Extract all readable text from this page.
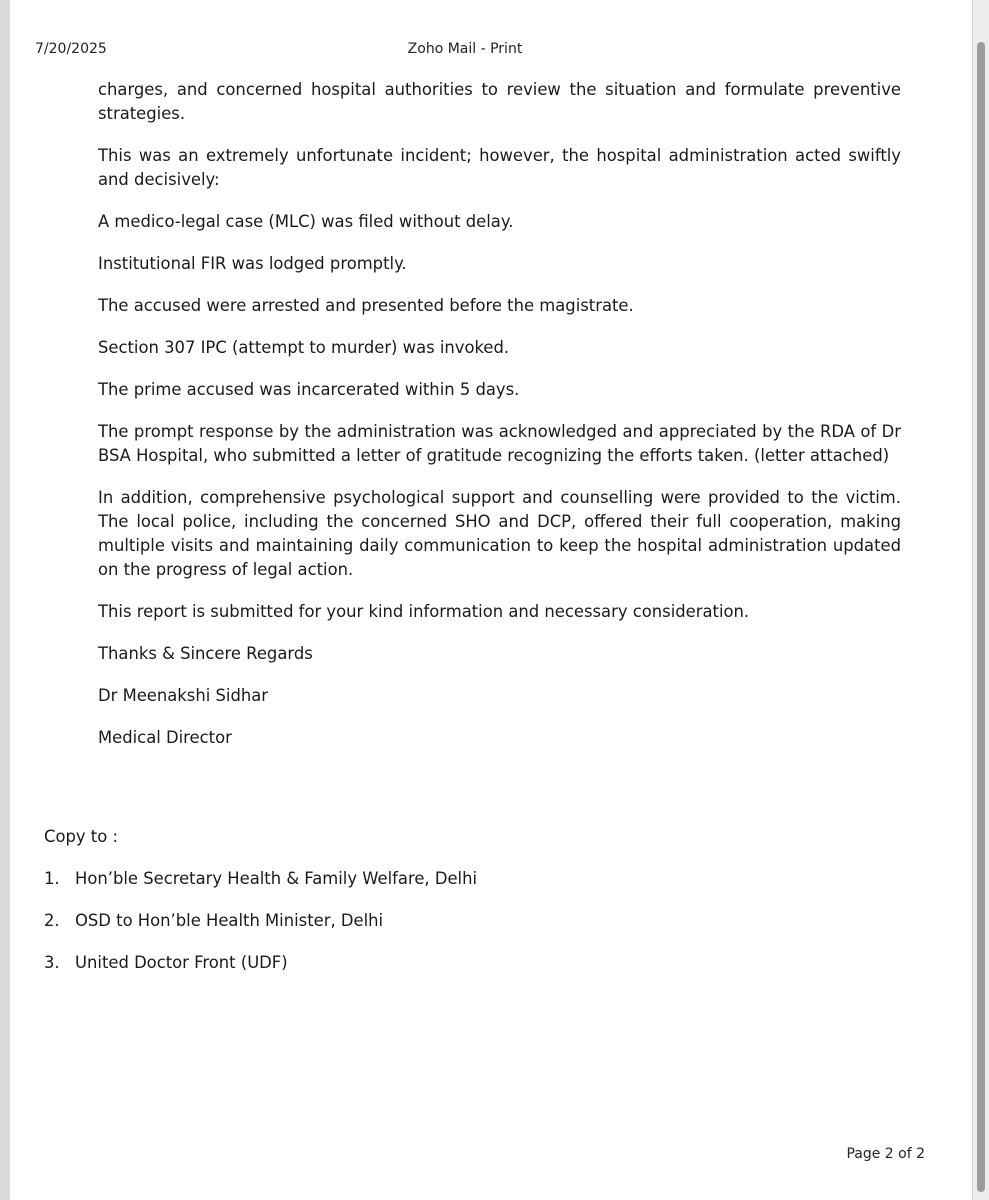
7/20/2025	Zoho Mail - Print

charges, and concerned hospital authorities to review the situation and formulate preventive strategies.

This was an extremely unfortunate incident; however, the hospital administration acted swiftly and decisively:

A medico-legal case (MLC) was filed without delay.

Institutional FIR was lodged promptly.

The accused were arrested and presented before the magistrate.

Section 307 IPC (attempt to murder) was invoked.

The prime accused was incarcerated within 5 days.

The prompt response by the administration was acknowledged and appreciated by the RDA of Dr BSA Hospital, who submitted a letter of gratitude recognizing the efforts taken. (letter attached)

In addition, comprehensive psychological support and counselling were provided to the victim. The local police, including the concerned SHO and DCP, offered their full cooperation, making multiple visits and maintaining daily communication to keep the hospital administration updated on the progress of legal action.

This report is submitted for your kind information and necessary consideration.

Thanks & Sincere Regards

Dr Meenakshi Sidhar

Medical Director

Copy to :

1. Hon’ble Secretary Health & Family Welfare, Delhi
2. OSD to Hon’ble Health Minister, Delhi
3. United Doctor Front (UDF)
Page 2 of 2
